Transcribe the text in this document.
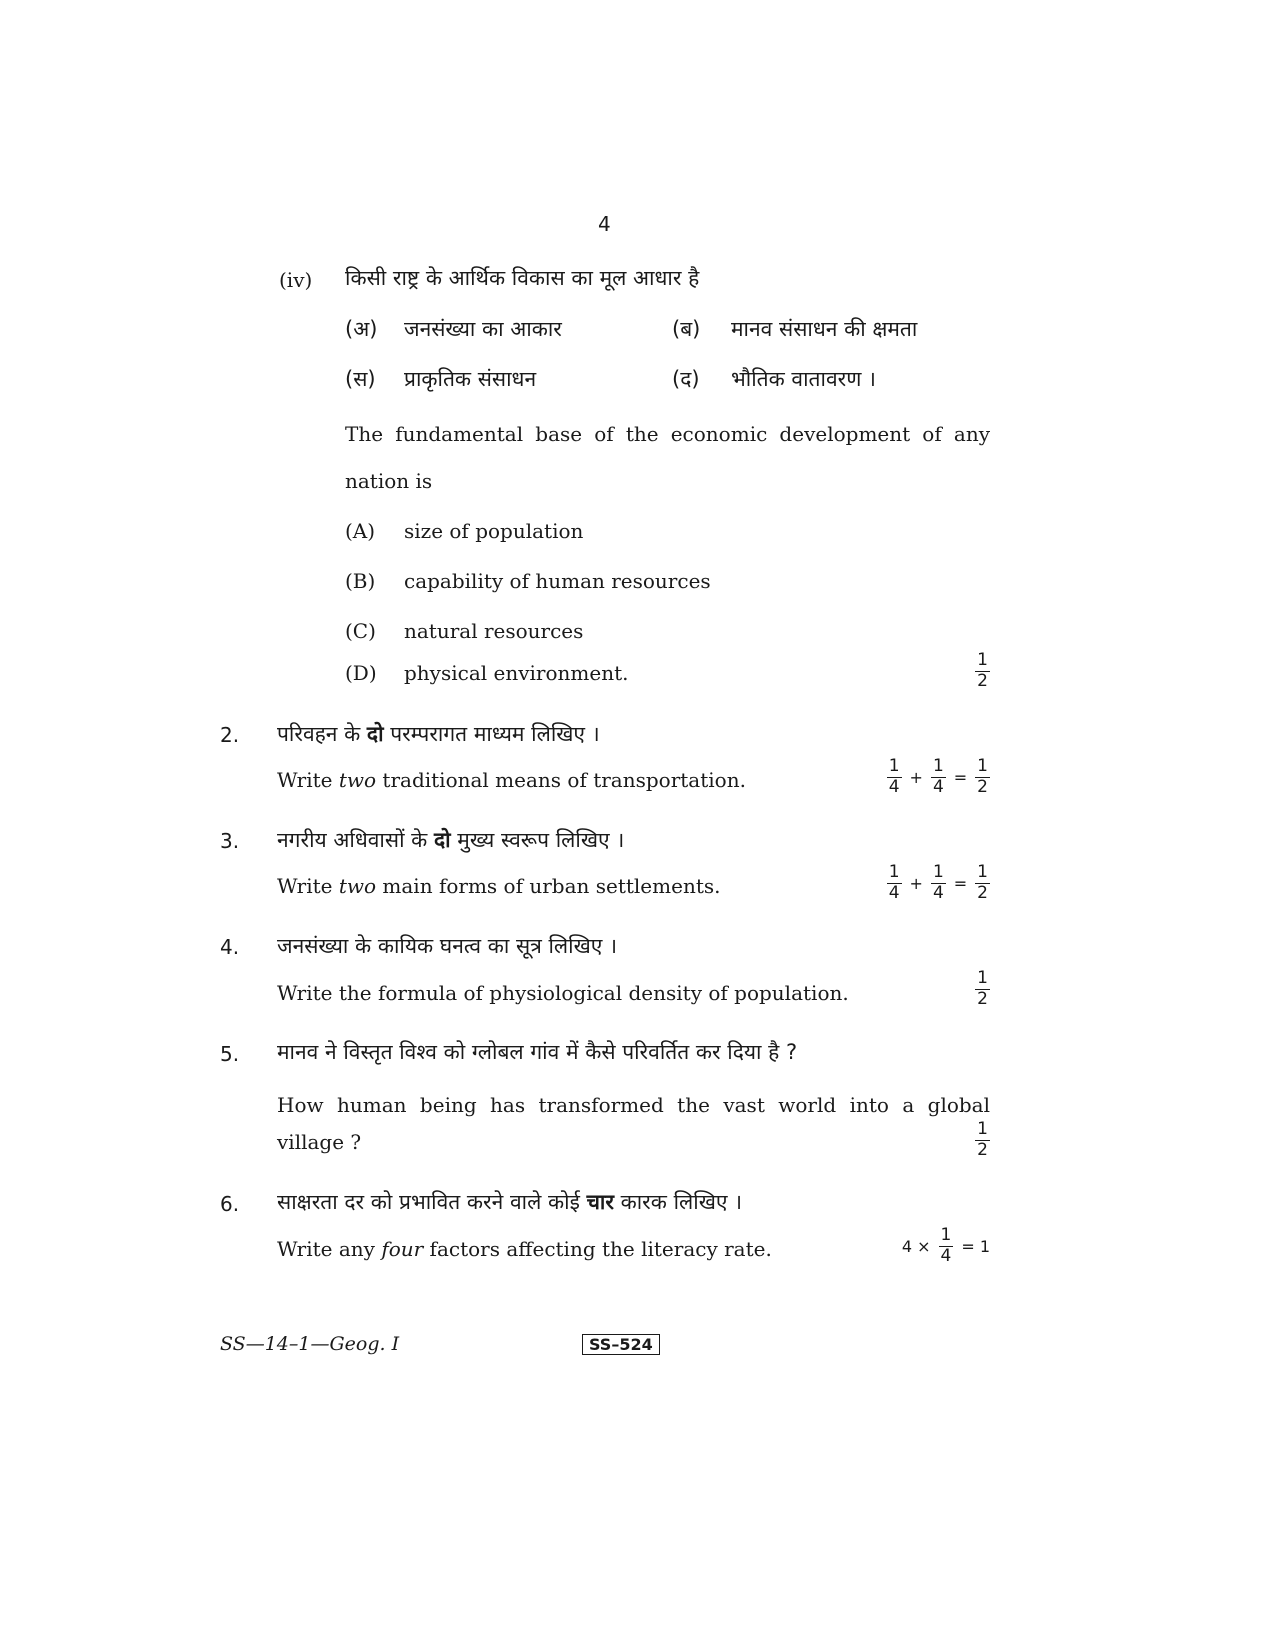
4
(iv) किसी राष्ट्र के आर्थिक विकास का मूल आधार है
(अ) जनसंख्या का आकार	(ब) मानव संसाधन की क्षमता
(स) प्राकृतिक संसाधन	(द) भौतिक वातावरण ।
The fundamental base of the economic development of any
nation is
(A) size of population
(B) capability of human resources
(C) natural resources
(D) physical environment.	$\frac{1}{2}$
2. परिवहन के दो परम्परागत माध्यम लिखिए ।
Write two traditional means of transportation.	$\frac{1}{4} + \frac{1}{4} = \frac{1}{2}$
3. नगरीय अधिवासों के दो मुख्य स्वरूप लिखिए ।
Write two main forms of urban settlements.	$\frac{1}{4} + \frac{1}{4} = \frac{1}{2}$
4. जनसंख्या के कायिक घनत्व का सूत्र लिखिए ।
Write the formula of physiological density of population.	$\frac{1}{2}$
5. मानव ने विस्तृत विश्व को ग्लोबल गांव में कैसे परिवर्तित कर दिया है ?
How human being has transformed the vast world into a global
village ?	$\frac{1}{2}$
6. साक्षरता दर को प्रभावित करने वाले कोई चार कारक लिखिए ।
Write any four factors affecting the literacy rate.	$4 \times \frac{1}{4} = 1$
SS—14–1—Geog. I	SS–524
